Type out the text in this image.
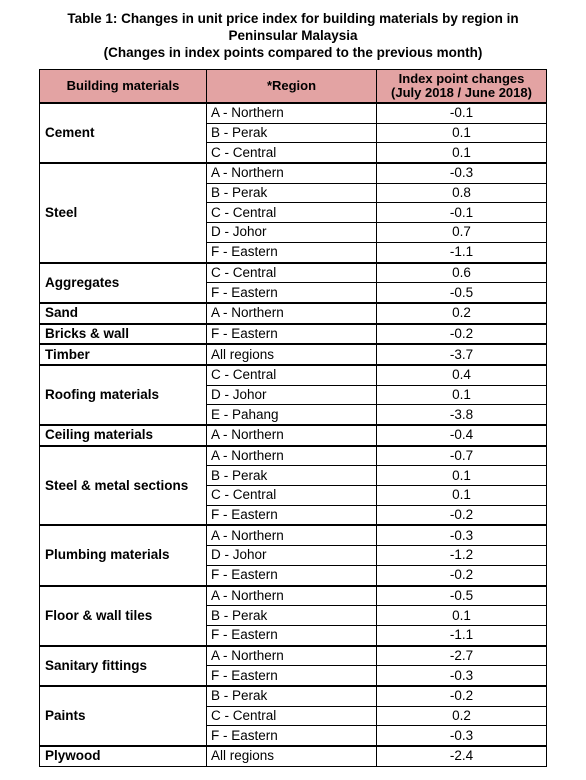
Table 1: Changes in unit price index for building materials by region in
Peninsular Malaysia
(Changes in index points compared to the previous month)
Building materials	*Region	Index point changes
(July 2018 / June 2018)

Cement	A - Northern	-0.1
	B - Perak	0.1
	C - Central	0.1
Steel	A - Northern	-0.3
	B - Perak	0.8
	C - Central	-0.1
	D - Johor	0.7
	F - Eastern	-1.1
Aggregates	C - Central	0.6
	F - Eastern	-0.5
Sand	A - Northern	0.2
Bricks & wall	F - Eastern	-0.2
Timber	All regions	-3.7
Roofing materials	C - Central	0.4
	D - Johor	0.1
	E - Pahang	-3.8
Ceiling materials	A - Northern	-0.4
Steel & metal sections	A - Northern	-0.7
	B - Perak	0.1
	C - Central	0.1
	F - Eastern	-0.2
Plumbing materials	A - Northern	-0.3
	D - Johor	-1.2
	F - Eastern	-0.2
Floor & wall tiles	A - Northern	-0.5
	B - Perak	0.1
	F - Eastern	-1.1
Sanitary fittings	A - Northern	-2.7
	F - Eastern	-0.3
Paints	B - Perak	-0.2
	C - Central	0.2
	F - Eastern	-0.3
Plywood	All regions	-2.4
